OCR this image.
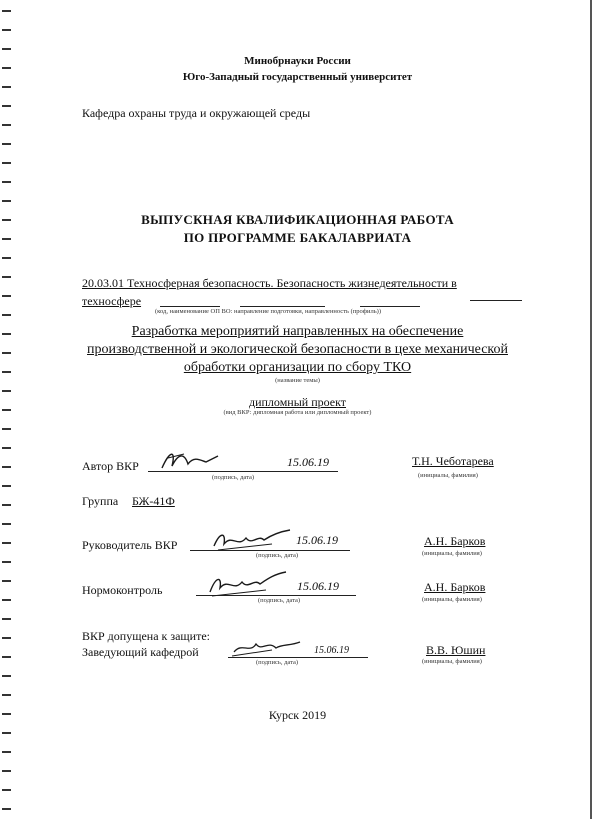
Минобрнауки России
Юго-Западный государственный университет
Кафедра охраны труда и окружающей среды
ВЫПУСКНАЯ КВАЛИФИКАЦИОННАЯ РАБОТА
ПО ПРОГРАММЕ БАКАЛАВРИАТА
20.03.01 Техносферная безопасность. Безопасность жизнедеятельности в
техносфере
(код, наименование ОП ВО: направление подготовки, направленность (профиль))
Разработка мероприятий направленных на обеспечение
производственной и экологической безопасности в цехе механической
обработки организации по сбору ТКО
(название темы)
дипломный проект
(вид ВКР: дипломная работа или дипломный проект)
Автор ВКР	15.06.19
(подпись, дата)
Т.Н. Чеботарева
(инициалы, фамилия)
Группа БЖ-41Ф
Руководитель ВКР	15.06.19
(подпись, дата)
А.Н. Барков
(инициалы, фамилия)
Нормоконтроль	15.06.19
(подпись, дата)
А.Н. Барков
(инициалы, фамилия)
ВКР допущена к защите:
Заведующий кафедрой	15.06.19
(подпись, дата)
В.В. Юшин
(инициалы, фамилия)
Курск 2019
